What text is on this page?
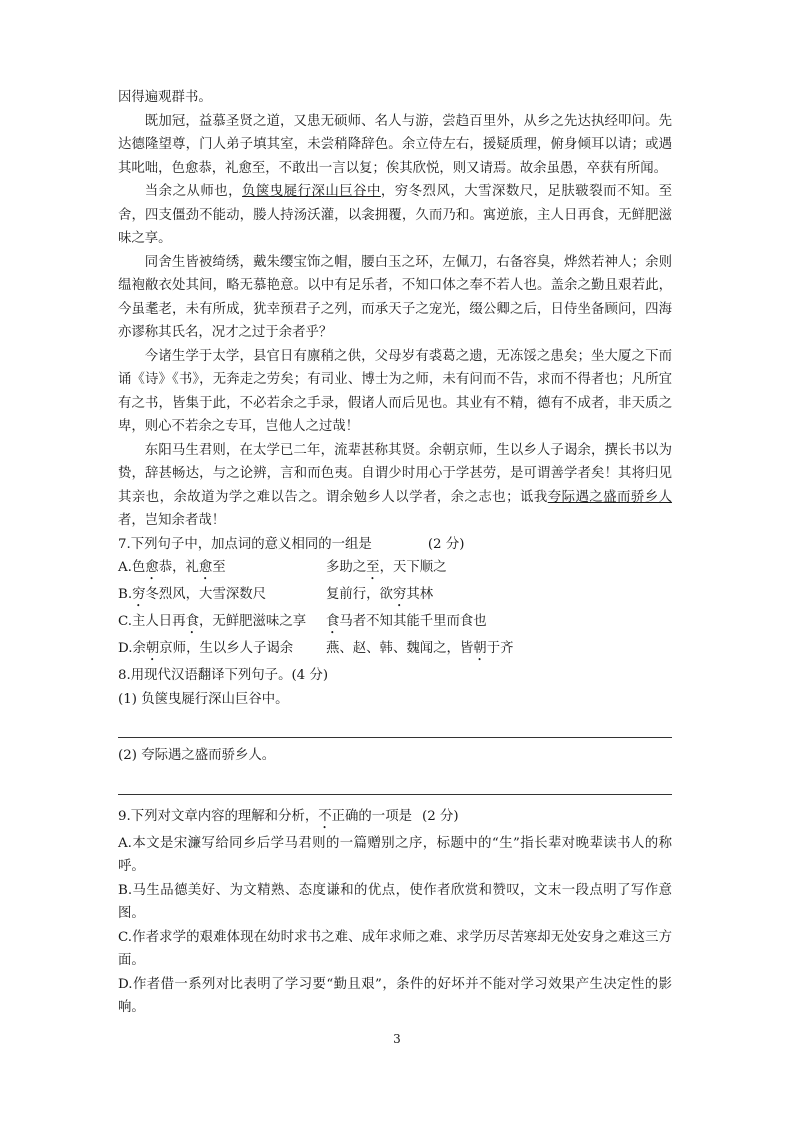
因得遍观群书。

既加冠，益慕圣贤之道，又患无硕师、名人与游，尝趋百里外，从乡之先达执经叩问。先达德隆望尊，门人弟子填其室，未尝稍降辞色。余立侍左右，援疑质理，俯身倾耳以请；或遇其叱咄，色愈恭，礼愈至，不敢出一言以复；俟其欣悦，则又请焉。故余虽愚，卒获有所闻。

当余之从师也，负箧曳屣行深山巨谷中，穷冬烈风，大雪深数尺，足肤皲裂而不知。至舍，四支僵劲不能动，媵人持汤沃灌，以衾拥覆，久而乃和。寓逆旅，主人日再食，无鲜肥滋味之享。

同舍生皆被绮绣，戴朱缨宝饰之帽，腰白玉之环，左佩刀，右备容臭，烨然若神人；余则缊袍敝衣处其间，略无慕艳意。以中有足乐者，不知口体之奉不若人也。盖余之勤且艰若此，今虽耄老，未有所成，犹幸预君子之列，而承天子之宠光，缀公卿之后，日侍坐备顾问，四海亦谬称其氏名，况才之过于余者乎？

今诸生学于太学，县官日有廪稍之供，父母岁有裘葛之遗，无冻馁之患矣；坐大厦之下而诵《诗》《书》，无奔走之劳矣；有司业、博士为之师，未有问而不告，求而不得者也；凡所宜有之书，皆集于此，不必若余之手录，假诸人而后见也。其业有不精，德有不成者，非天质之卑，则心不若余之专耳，岂他人之过哉！

东阳马生君则，在太学已二年，流辈甚称其贤。余朝京师，生以乡人子谒余，撰长书以为贽，辞甚畅达，与之论辨，言和而色夷。自谓少时用心于学甚劳，是可谓善学者矣！其将归见其亲也，余故道为学之难以告之。谓余勉乡人以学者，余之志也；诋我夸际遇之盛而骄乡人者，岂知余者哉！

7.下列句子中，加点词的意义相同的一组是	(2 分)

A.色愈恭，礼愈至	多助之至，天下顺之
B.穷冬烈风，大雪深数尺	复前行，欲穷其林
C.主人日再食，无鲜肥滋味之享	食马者不知其能千里而食也
D.余朝京师，生以乡人子谒余	燕、赵、韩、魏闻之，皆朝于齐

8.用现代汉语翻译下列句子。(4 分)

(1) 负箧曳屣行深山巨谷中。

(2) 夸际遇之盛而骄乡人。

9.下列对文章内容的理解和分析，不正确的一项是 (2 分)

A.本文是宋濂写给同乡后学马君则的一篇赠别之序，标题中的“生”指长辈对晚辈读书人的称呼。

B.马生品德美好、为文精熟、态度谦和的优点，使作者欣赏和赞叹，文末一段点明了写作意图。

C.作者求学的艰难体现在幼时求书之难、成年求师之难、求学历尽苦寒却无处安身之难这三方面。

D.作者借一系列对比表明了学习要“勤且艰”，条件的好坏并不能对学习效果产生决定性的影响。

3
